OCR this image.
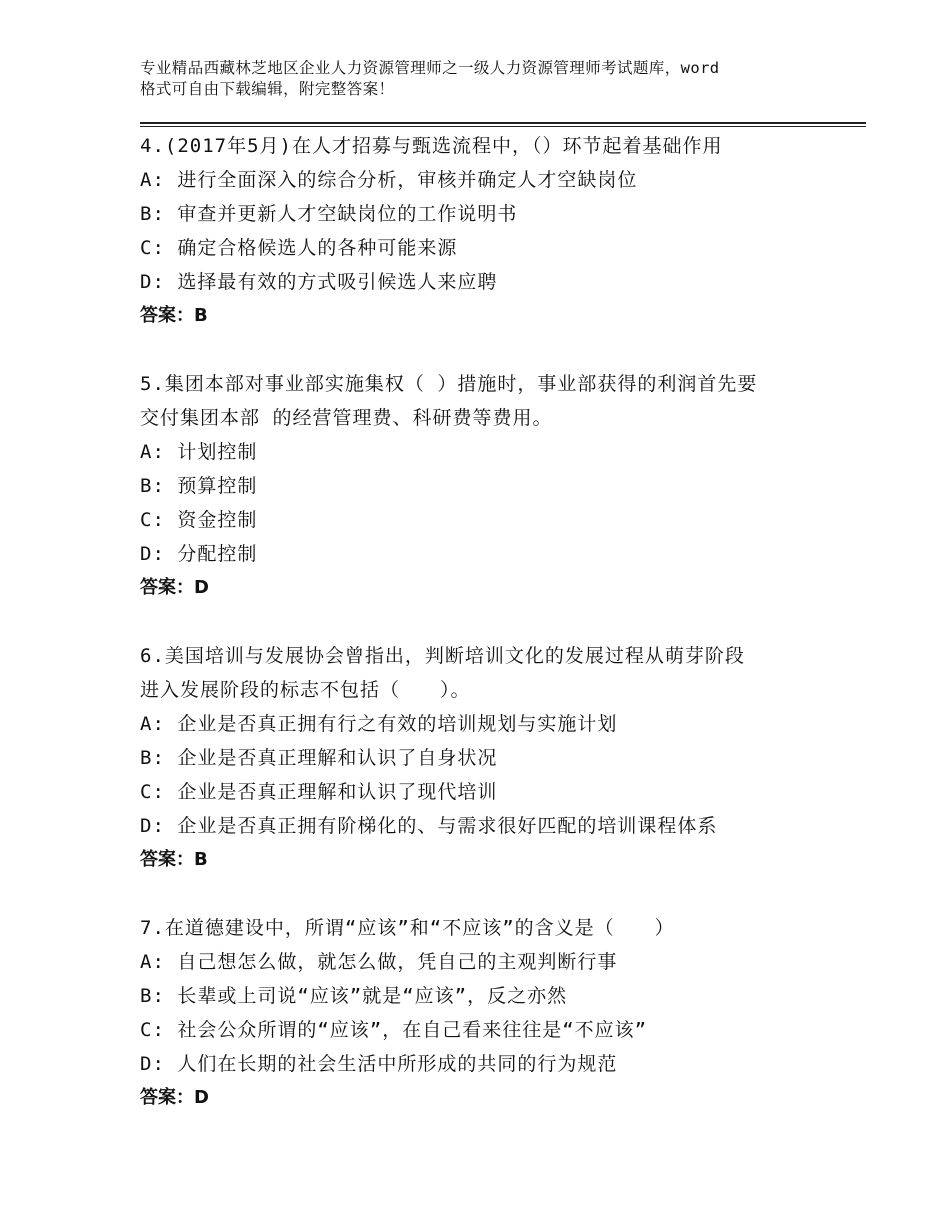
专业精品西藏林芝地区企业人力资源管理师之一级人力资源管理师考试题库，word
格式可自由下载编辑，附完整答案！
4.(2017年5月)在人才招募与甄选流程中，（）环节起着基础作用
A: 进行全面深入的综合分析，审核并确定人才空缺岗位
B: 审查并更新人才空缺岗位的工作说明书
C: 确定合格候选人的各种可能来源
D: 选择最有效的方式吸引候选人来应聘
答案：B
5.集团本部对事业部实施集权（ ）措施时，事业部获得的利润首先要
交付集团本部 的经营管理费、科研费等费用。
A: 计划控制
B: 预算控制
C: 资金控制
D: 分配控制
答案：D
6.美国培训与发展协会曾指出，判断培训文化的发展过程从萌芽阶段
进入发展阶段的标志不包括（　　）。
A: 企业是否真正拥有行之有效的培训规划与实施计划
B: 企业是否真正理解和认识了自身状况
C: 企业是否真正理解和认识了现代培训
D: 企业是否真正拥有阶梯化的、与需求很好匹配的培训课程体系
答案：B
7.在道德建设中，所谓“应该”和“不应该”的含义是（　　）
A: 自己想怎么做，就怎么做，凭自己的主观判断行事
B: 长辈或上司说“应该”就是“应该”，反之亦然
C: 社会公众所谓的“应该”，在自己看来往往是“不应该”
D: 人们在长期的社会生活中所形成的共同的行为规范
答案：D
